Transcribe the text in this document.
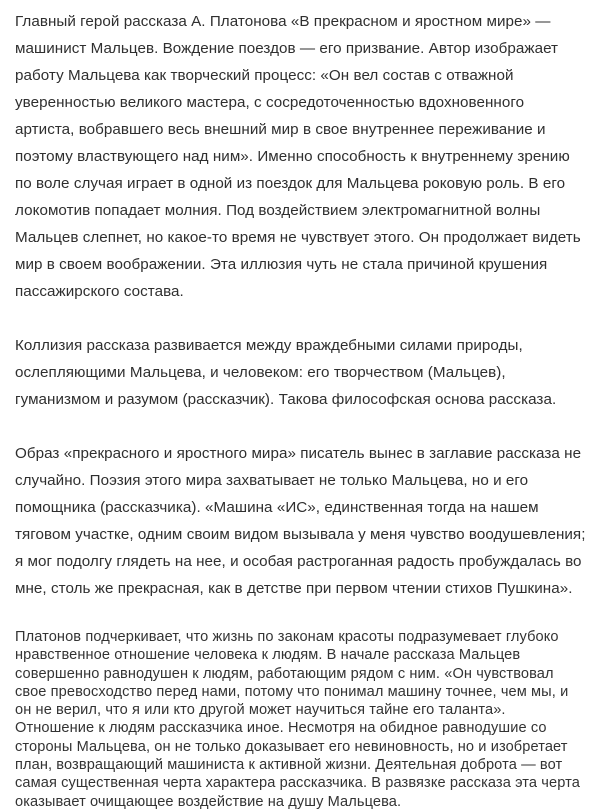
Главный герой рассказа А. Платонова «В прекрасном и яростном мире» — машинист Мальцев. Вождение поездов — его призвание. Автор изображает работу Мальцева как творческий процесс: «Он вел состав с отважной уверенностью великого мастера, с сосредоточенностью вдохновенного артиста, вобравшего весь внешний мир в свое внутреннее переживание и поэтому властвующего над ним». Именно способность к внутреннему зрению по воле случая играет в одной из поездок для Мальцева роковую роль. В его локомотив попадает молния. Под воздействием электромагнитной волны Мальцев слепнет, но какое-то время не чувствует этого. Он продолжает видеть мир в своем воображении. Эта иллюзия чуть не стала причиной крушения пассажирского состава.

Коллизия рассказа развивается между враждебными силами природы, ослепляющими Мальцева, и человеком: его творчеством (Мальцев), гуманизмом и разумом (рассказчик). Такова философская основа рассказа.

Образ «прекрасного и яростного мира» писатель вынес в заглавие рассказа не случайно. Поэзия этого мира захватывает не только Мальцева, но и его помощника (рассказчика). «Машина «ИС», единственная тогда на нашем тяговом участке, одним своим видом вызывала у меня чувство воодушевления; я мог подолгу глядеть на нее, и особая растроганная радость пробуждалась во мне, столь же прекрасная, как в детстве при первом чтении стихов Пушкина».

Платонов подчеркивает, что жизнь по законам красоты подразумевает глубоко нравственное отношение человека к людям. В начале рассказа Мальцев совершенно равнодушен к людям, работающим рядом с ним. «Он чувствовал свое превосходство перед нами, потому что понимал машину точнее, чем мы, и он не верил, что я или кто другой может научиться тайне его таланта». Отношение к людям рассказчика иное. Несмотря на обидное равнодушие со стороны Мальцева, он не только доказывает его невиновность, но и изобретает план, возвращающий машиниста к активной жизни. Деятельная доброта — вот самая существенная черта характера рассказчика. В развязке рассказа эта черта оказывает очищающее воздействие на душу Мальцева.
